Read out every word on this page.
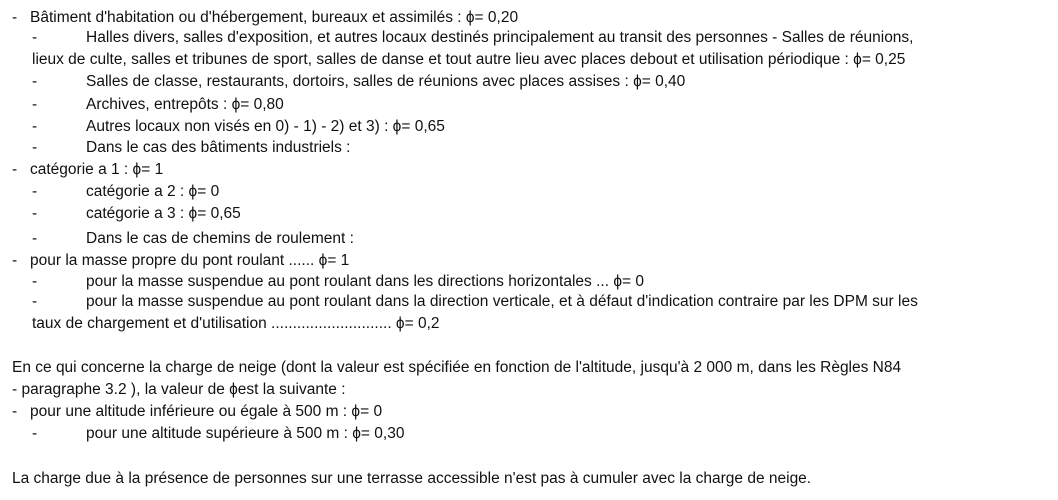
- Bâtiment d'habitation ou d'hébergement, bureaux et assimilés : ϕ= 0,20
-	Halles divers, salles d'exposition, et autres locaux destinés principalement au transit des personnes - Salles de réunions,
lieux de culte, salles et tribunes de sport, salles de danse et tout autre lieu avec places debout et utilisation périodique : ϕ= 0,25
-	Salles de classe, restaurants, dortoirs, salles de réunions avec places assises : ϕ= 0,40
-	Archives, entrepôts : ϕ= 0,80
-	Autres locaux non visés en 0) - 1) - 2) et 3) : ϕ= 0,65
-	Dans le cas des bâtiments industriels :
- catégorie a 1 : ϕ= 1
-	catégorie a 2 : ϕ= 0
-	catégorie a 3 : ϕ= 0,65
-	Dans le cas de chemins de roulement :
- pour la masse propre du pont roulant ...... ϕ= 1
-	pour la masse suspendue au pont roulant dans les directions horizontales ... ϕ= 0
-	pour la masse suspendue au pont roulant dans la direction verticale, et à défaut d'indication contraire par les DPM sur les
taux de chargement et d'utilisation ............................ ϕ= 0,2
En ce qui concerne la charge de neige (dont la valeur est spécifiée en fonction de l'altitude, jusqu'à 2 000 m, dans les Règles N84
- paragraphe 3.2 ), la valeur de ϕest la suivante :
- pour une altitude inférieure ou égale à 500 m : ϕ= 0
-	pour une altitude supérieure à 500 m : ϕ= 0,30
La charge due à la présence de personnes sur une terrasse accessible n'est pas à cumuler avec la charge de neige.
